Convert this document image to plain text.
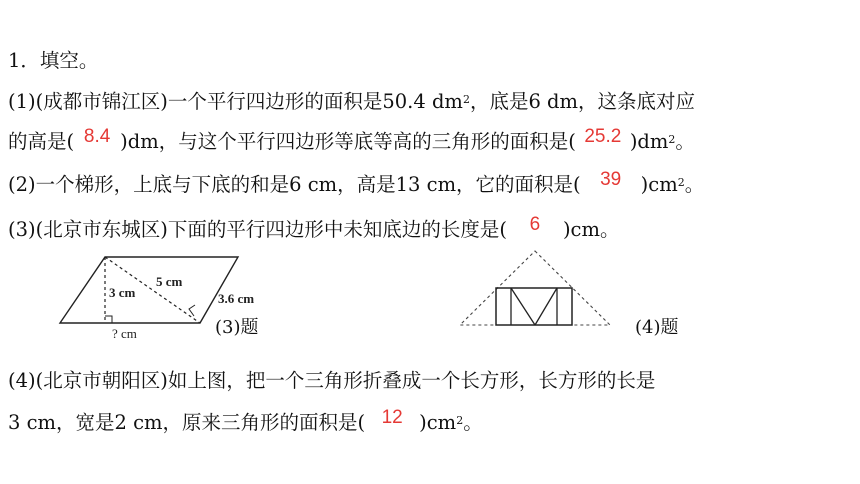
1．填空。
(1)(成都市锦江区)一个平行四边形的面积是50.4 $dm^2$，底是6 dm，这条底对应
的高是( 8.4 )dm，与这个平行四边形等底等高的三角形的面积是( 25.2 )$dm^2$。
(2)一个梯形，上底与下底的和是6 cm，高是13 cm，它的面积是( 39 )$cm^2$。
(3)(北京市东城区)下面的平行四边形中未知底边的长度是( 6 )cm。
5 cm
3 cm	3.6 cm
? cm	(3)题	(4)题
(4)(北京市朝阳区)如上图，把一个三角形折叠成一个长方形，长方形的长是
3 cm，宽是2 cm，原来三角形的面积是( 12 )$cm^2$。
